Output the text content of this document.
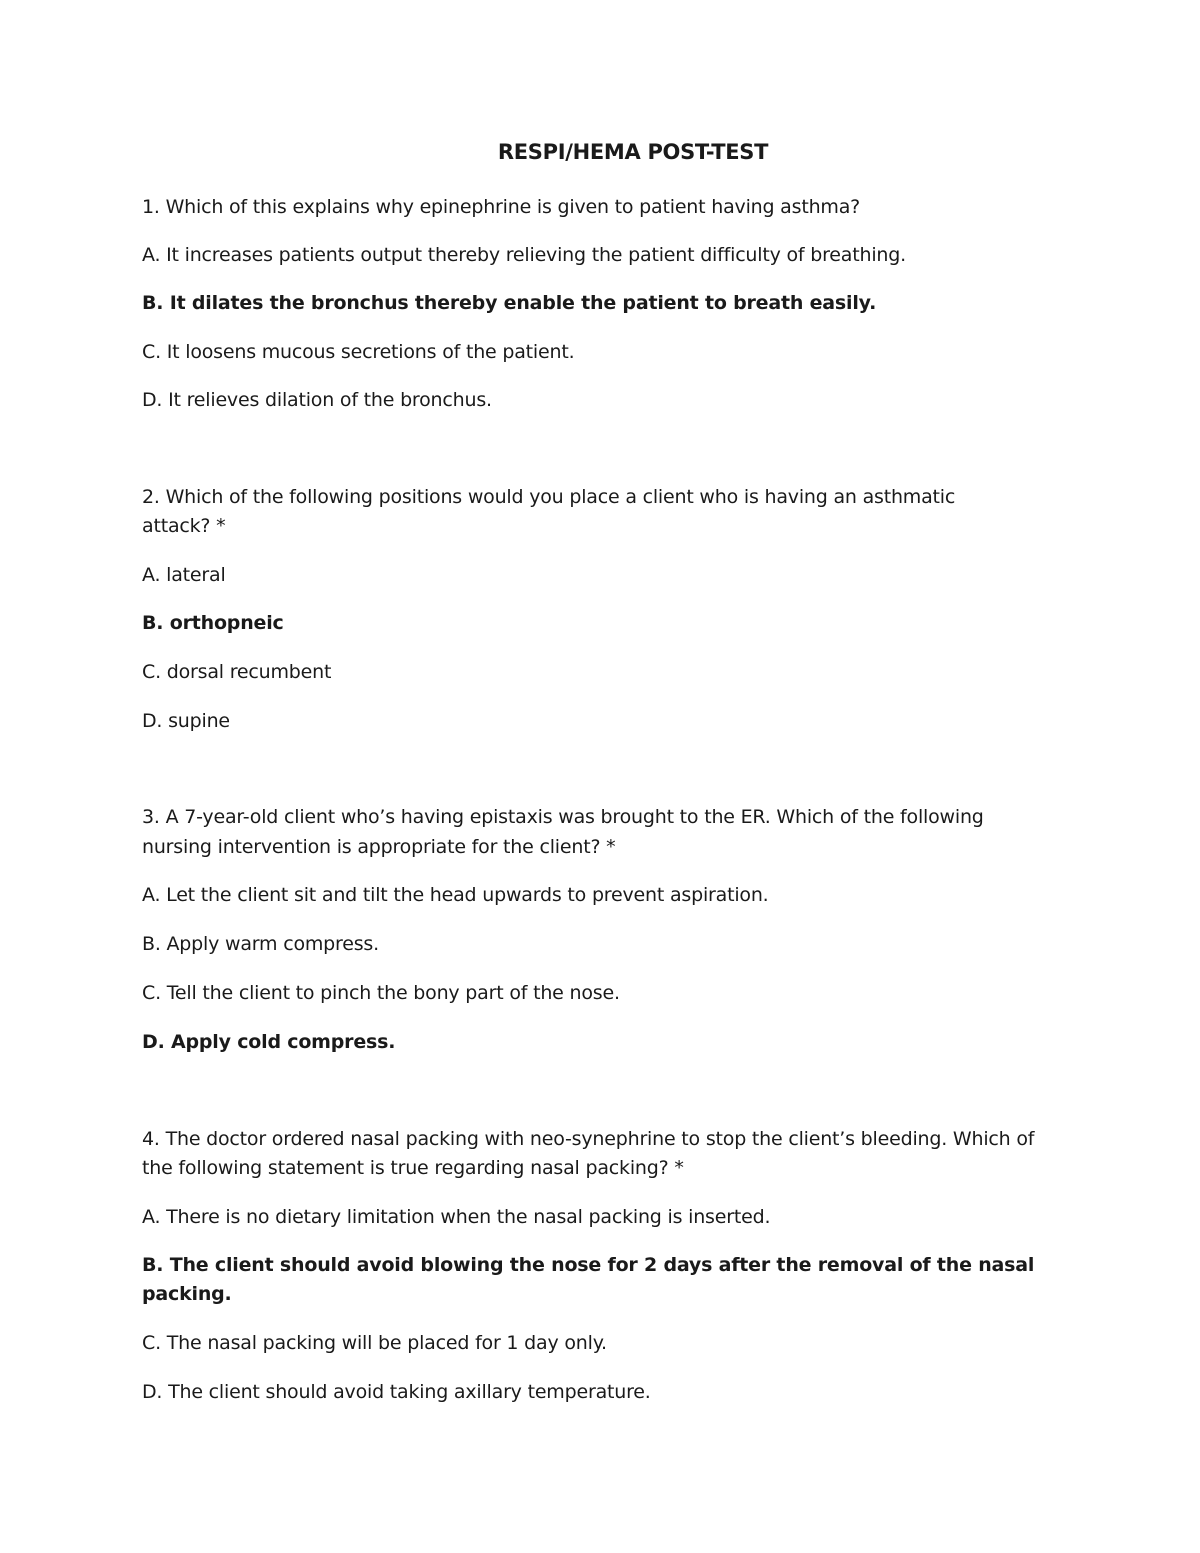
RESPI/HEMA POST-TEST
1. Which of this explains why epinephrine is given to patient having asthma?
A. It increases patients output thereby relieving the patient difficulty of breathing.
B. It dilates the bronchus thereby enable the patient to breath easily.
C. It loosens mucous secretions of the patient.
D. It relieves dilation of the bronchus.
2. Which of the following positions would you place a client who is having an asthmatic
attack? *
A. lateral
B. orthopneic
C. dorsal recumbent
D. supine
3. A 7-year-old client who’s having epistaxis was brought to the ER. Which of the following
nursing intervention is appropriate for the client? *
A. Let the client sit and tilt the head upwards to prevent aspiration.
B. Apply warm compress.
C. Tell the client to pinch the bony part of the nose.
D. Apply cold compress.
4. The doctor ordered nasal packing with neo-synephrine to stop the client’s bleeding. Which of
the following statement is true regarding nasal packing? *
A. There is no dietary limitation when the nasal packing is inserted.
B. The client should avoid blowing the nose for 2 days after the removal of the nasal
packing.
C. The nasal packing will be placed for 1 day only.
D. The client should avoid taking axillary temperature.
